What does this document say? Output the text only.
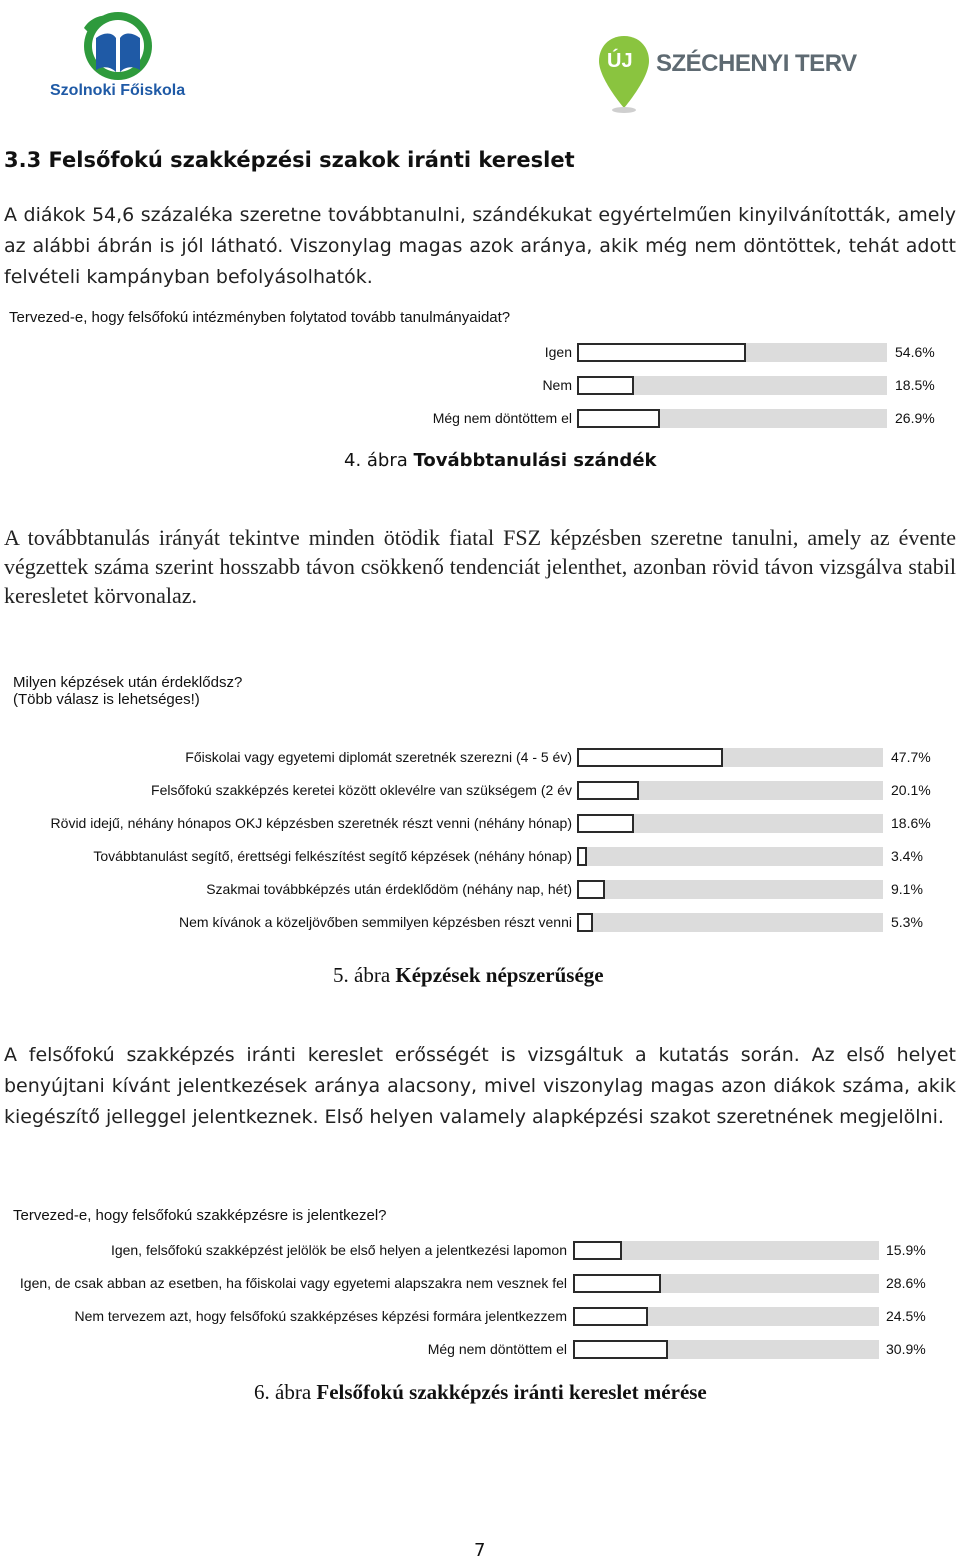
Szolnoki Főiskola
ÚJ SZÉCHENYI TERV
3.3 Felsőfokú szakképzési szakok iránti kereslet
A diákok 54,6 százaléka szeretne továbbtanulni, szándékukat egyértelműen kinyilvánították, amely az alábbi ábrán is jól látható. Viszonylag magas azok aránya, akik még nem döntöttek, tehát adott felvételi kampányban befolyásolhatók.
Tervezed-e, hogy felsőfokú intézményben folytatod tovább tanulmányaidat?
Igen	54.6%
Nem	18.5%
Még nem döntöttem el	26.9%
4. ábra Továbbtanulási szándék
A továbbtanulás irányát tekintve minden ötödik fiatal FSZ képzésben szeretne tanulni, amely az évente végzettek száma szerint hosszabb távon csökkenő tendenciát jelenthet, azonban rövid távon vizsgálva stabil keresletet körvonalaz.
Milyen képzések után érdeklődsz?
(Több válasz is lehetséges!)
Főiskolai vagy egyetemi diplomát szeretnék szerezni (4 - 5 év)	47.7%
Felsőfokú szakképzés keretei között oklevélre van szükségem (2 év	20.1%
Rövid idejű, néhány hónapos OKJ képzésben szeretnék részt venni (néhány hónap)	18.6%
Továbbtanulást segítő, érettségi felkészítést segítő képzések (néhány hónap)	3.4%
Szakmai továbbképzés után érdeklődöm (néhány nap, hét)	9.1%
Nem kívánok a közeljövőben semmilyen képzésben részt venni	5.3%
5. ábra Képzések népszerűsége
A felsőfokú szakképzés iránti kereslet erősségét is vizsgáltuk a kutatás során. Az első helyet benyújtani kívánt jelentkezések aránya alacsony, mivel viszonylag magas azon diákok száma, akik kiegészítő jelleggel jelentkeznek. Első helyen valamely alapképzési szakot szeretnének megjelölni.
Tervezed-e, hogy felsőfokú szakképzésre is jelentkezel?
Igen, felsőfokú szakképzést jelölök be első helyen a jelentkezési lapomon	15.9%
Igen, de csak abban az esetben, ha főiskolai vagy egyetemi alapszakra nem vesznek fel	28.6%
Nem tervezem azt, hogy felsőfokú szakképzéses képzési formára jelentkezzem	24.5%
Még nem döntöttem el	30.9%
6. ábra Felsőfokú szakképzés iránti kereslet mérése
7
